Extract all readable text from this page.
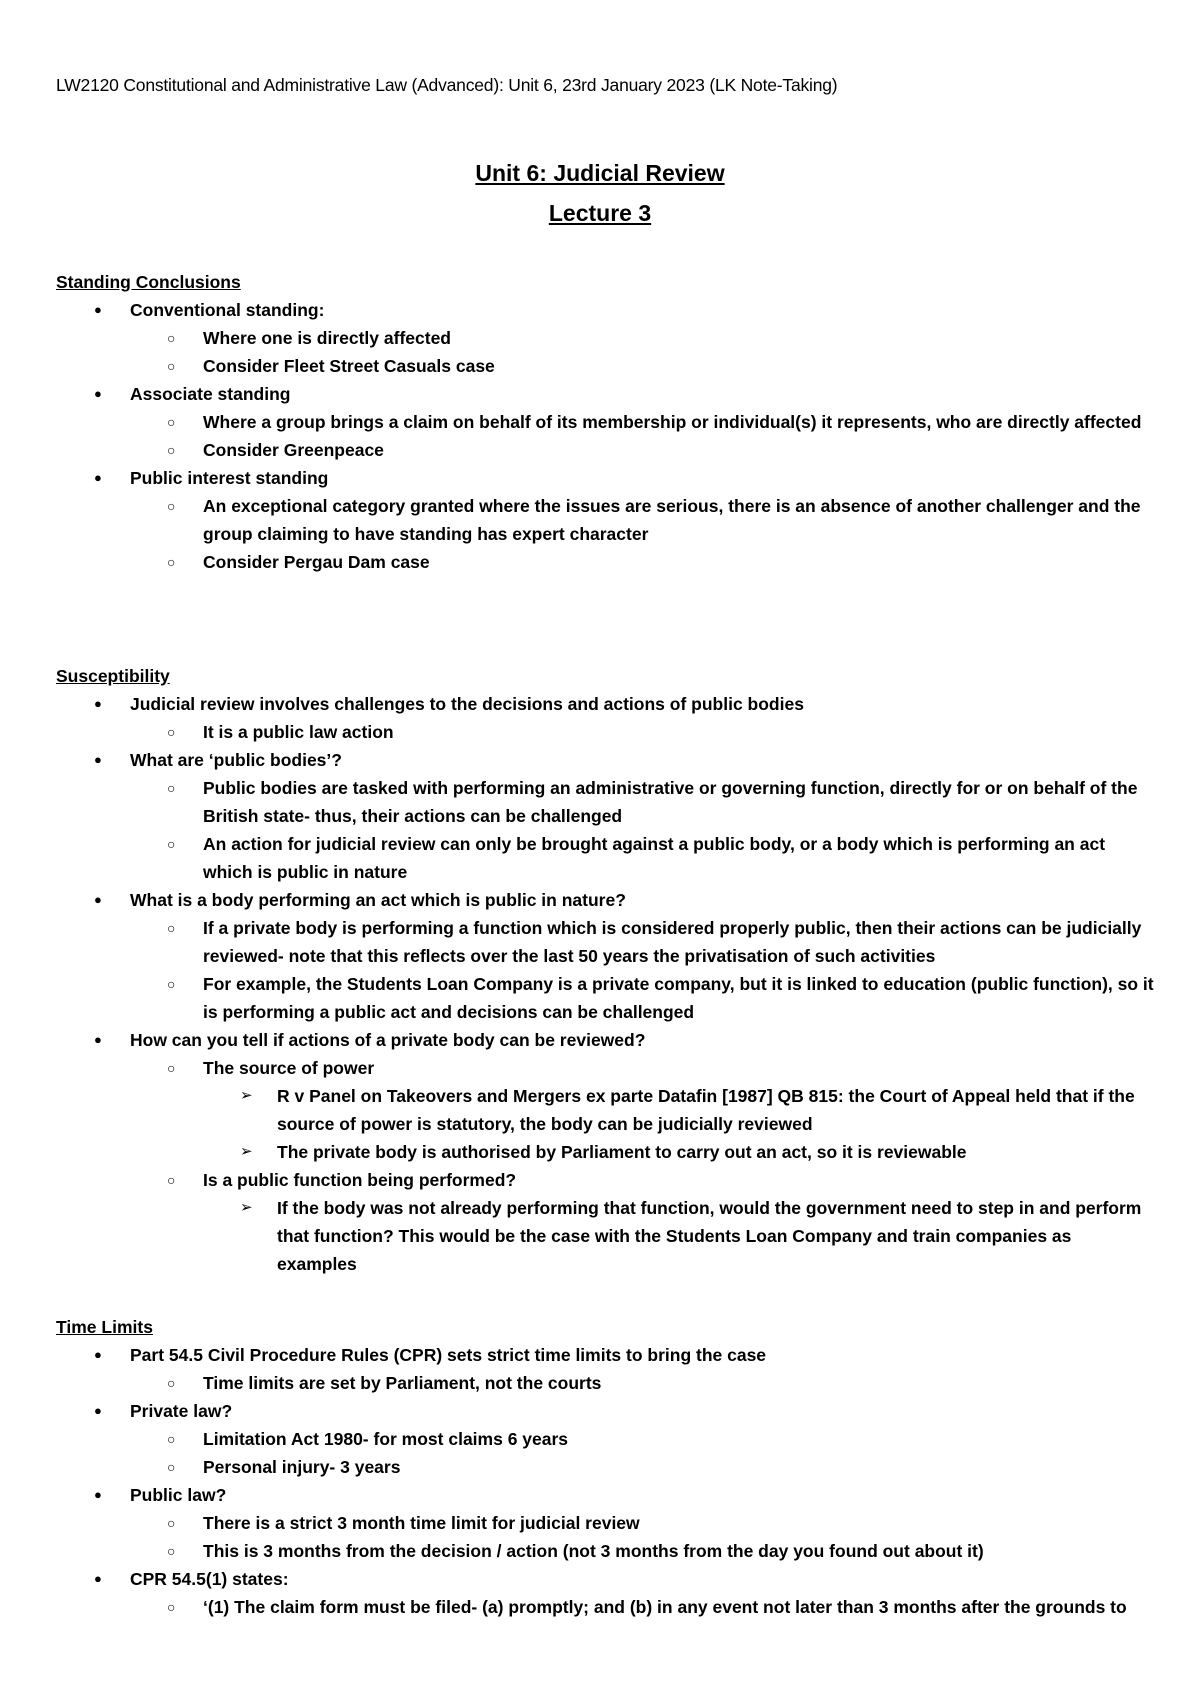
LW2120 Constitutional and Administrative Law (Advanced): Unit 6, 23rd January 2023 (LK Note-Taking)
Unit 6: Judicial Review
Lecture 3
Standing Conclusions
● Conventional standing:
○ Where one is directly affected
○ Consider Fleet Street Casuals case
● Associate standing
○ Where a group brings a claim on behalf of its membership or individual(s) it represents, who are directly affected
○ Consider Greenpeace
● Public interest standing
○ An exceptional category granted where the issues are serious, there is an absence of another challenger and the group claiming to have standing has expert character
○ Consider Pergau Dam case
Susceptibility
● Judicial review involves challenges to the decisions and actions of public bodies
○ It is a public law action
● What are ‘public bodies’?
○ Public bodies are tasked with performing an administrative or governing function, directly for or on behalf of the British state- thus, their actions can be challenged
○ An action for judicial review can only be brought against a public body, or a body which is performing an act which is public in nature
● What is a body performing an act which is public in nature?
○ If a private body is performing a function which is considered properly public, then their actions can be judicially reviewed- note that this reflects over the last 50 years the privatisation of such activities
○ For example, the Students Loan Company is a private company, but it is linked to education (public function), so it is performing a public act and decisions can be challenged
● How can you tell if actions of a private body can be reviewed?
○ The source of power
➢ R v Panel on Takeovers and Mergers ex parte Datafin [1987] QB 815: the Court of Appeal held that if the source of power is statutory, the body can be judicially reviewed
➢ The private body is authorised by Parliament to carry out an act, so it is reviewable
○ Is a public function being performed?
➢ If the body was not already performing that function, would the government need to step in and perform that function? This would be the case with the Students Loan Company and train companies as examples
Time Limits
● Part 54.5 Civil Procedure Rules (CPR) sets strict time limits to bring the case
○ Time limits are set by Parliament, not the courts
● Private law?
○ Limitation Act 1980- for most claims 6 years
○ Personal injury- 3 years
● Public law?
○ There is a strict 3 month time limit for judicial review
○ This is 3 months from the decision / action (not 3 months from the day you found out about it)
● CPR 54.5(1) states:
○ ‘(1) The claim form must be filed- (a) promptly; and (b) in any event not later than 3 months after the grounds to
